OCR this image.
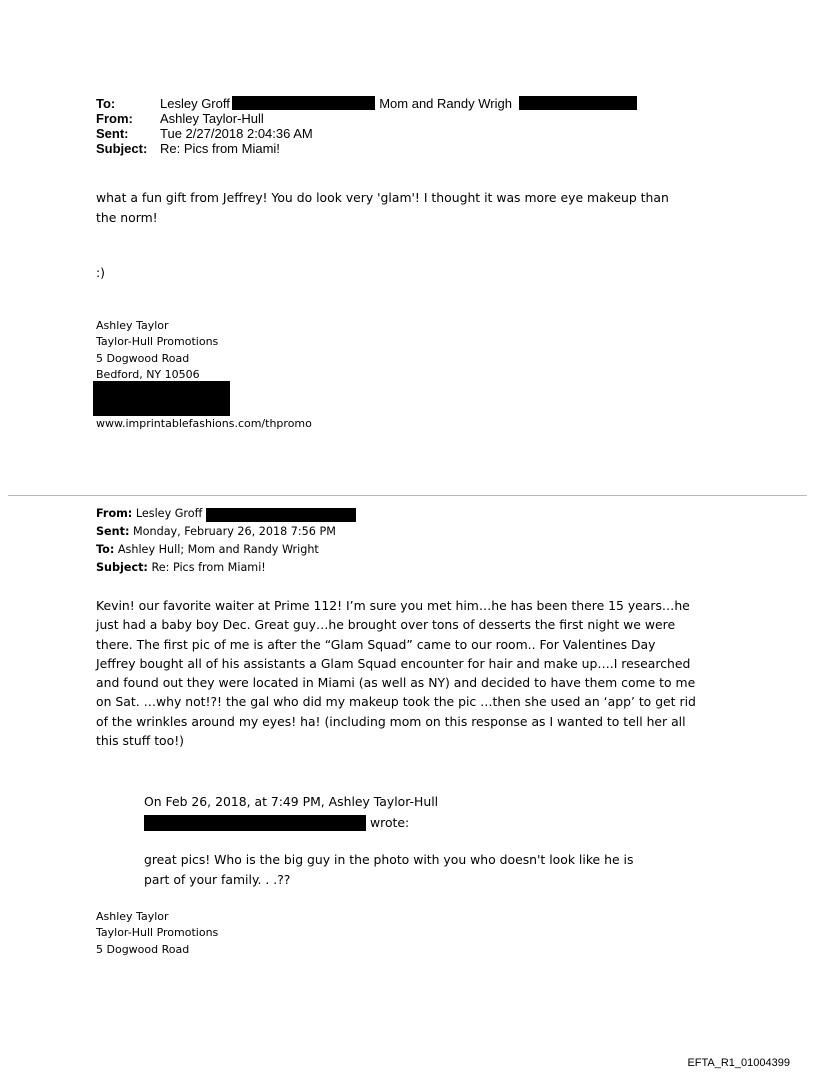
To:	Lesley Groff	; Mom and Randy Wrigh
From: Ashley Taylor-Hull
Sent: Tue 2/27/2018 2:04:36 AM
Subject: Re: Pics from Miami!
what a fun gift from Jeffrey! You do look very 'glam'! I thought it was more eye makeup than
the norm!
:)
Ashley Taylor
Taylor-Hull Promotions
5 Dogwood Road
Bedford, NY 10506
www.imprintablefashions.com/thpromo
From: Lesley Groff
Sent: Monday, February 26, 2018 7:56 PM
To: Ashley Hull; Mom and Randy Wright
Subject: Re: Pics from Miami!
Kevin! our favorite waiter at Prime 112! I’m sure you met him…he has been there 15 years…he
just had a baby boy Dec. Great guy…he brought over tons of desserts the first night we were
there. The first pic of me is after the “Glam Squad” came to our room.. For Valentines Day
Jeffrey bought all of his assistants a Glam Squad encounter for hair and make up….I researched
and found out they were located in Miami (as well as NY) and decided to have them come to me
on Sat. …why not!?! the gal who did my makeup took the pic …then she used an ‘app’ to get rid
of the wrinkles around my eyes! ha! (including mom on this response as I wanted to tell her all
this stuff too!)
On Feb 26, 2018, at 7:49 PM, Ashley Taylor-Hull
wrote:
great pics! Who is the big guy in the photo with you who doesn't look like he is
part of your family. . .??
Ashley Taylor
Taylor-Hull Promotions
5 Dogwood Road
EFTA_R1_01004399
